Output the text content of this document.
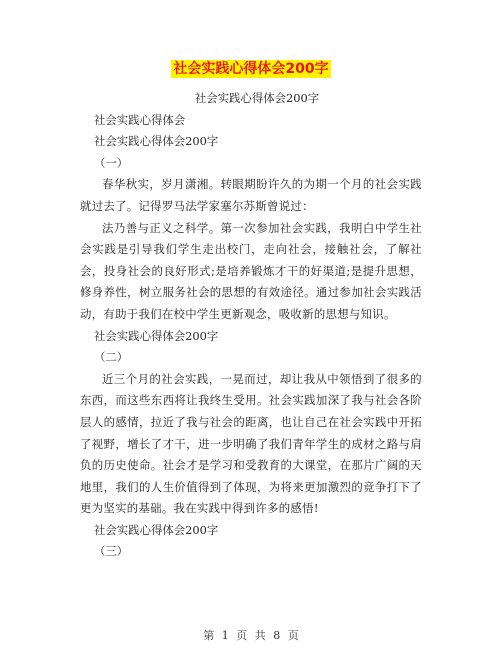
社会实践心得体会200字

社会实践心得体会200字

社会实践心得体会

社会实践心得体会200字

（一）

春华秋实，岁月潇湘。转眼期盼许久的为期一个月的社会实践就过去了。记得罗马法学家塞尔苏斯曾说过：

法乃善与正义之科学。第一次参加社会实践，我明白中学生社会实践是引导我们学生走出校门，走向社会，接触社会，了解社会，投身社会的良好形式;是培养锻炼才干的好渠道;是提升思想，修身养性，树立服务社会的思想的有效途径。通过参加社会实践活动，有助于我们在校中学生更新观念，吸收新的思想与知识。

社会实践心得体会200字

（二）

近三个月的社会实践，一晃而过，却让我从中领悟到了很多的东西，而这些东西将让我终生受用。社会实践加深了我与社会各阶层人的感情，拉近了我与社会的距离，也让自己在社会实践中开拓了视野，增长了才干，进一步明确了我们青年学生的成材之路与肩负的历史使命。社会才是学习和受教育的大课堂，在那片广阔的天地里，我们的人生价值得到了体现，为将来更加激烈的竞争打下了更为坚实的基础。我在实践中得到许多的感悟!

社会实践心得体会200字

（三）

第 1 页 共 8 页
